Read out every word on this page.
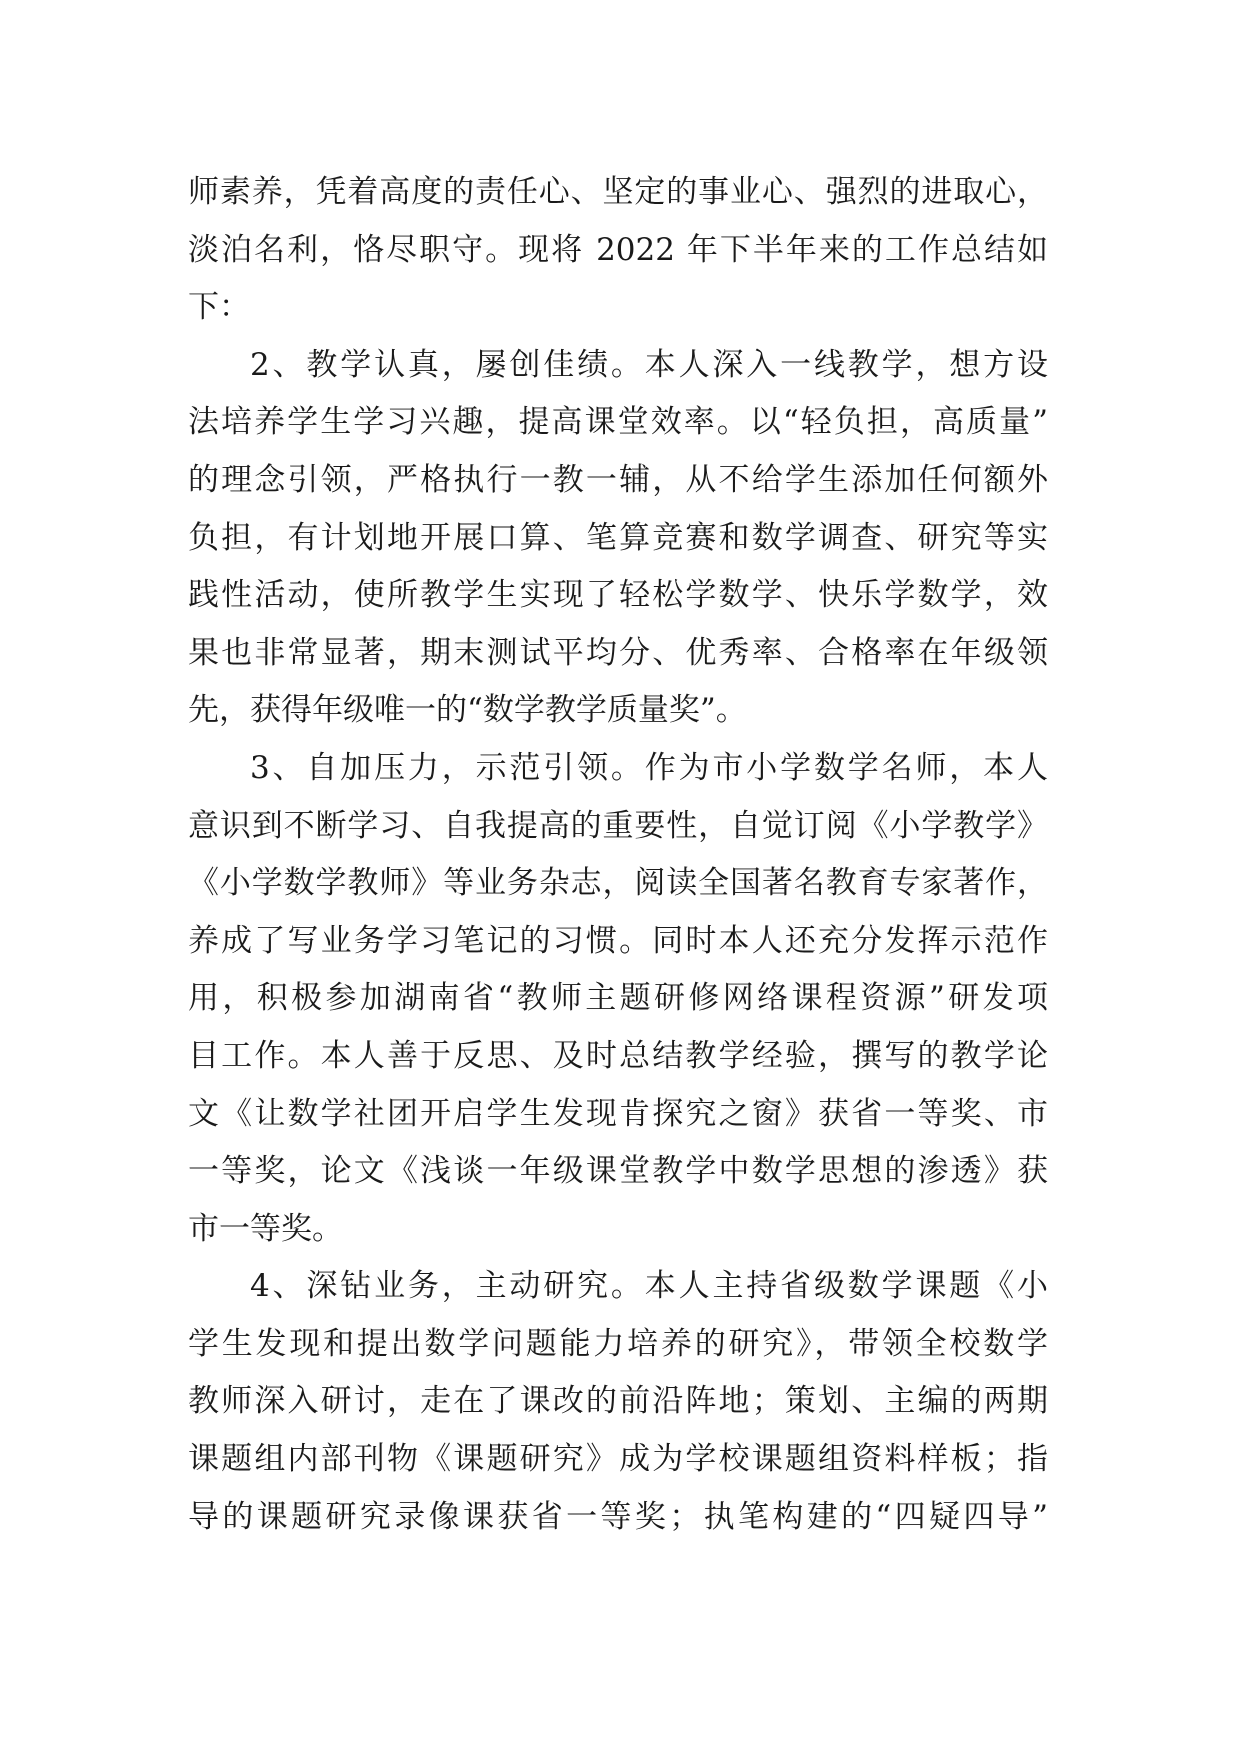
师素养，凭着高度的责任心、坚定的事业心、强烈的进取心，
淡泊名利，恪尽职守。现将 2022 年下半年来的工作总结如
下：
2、教学认真，屡创佳绩。本人深入一线教学，想方设
法培养学生学习兴趣，提高课堂效率。以“轻负担，高质量”
的理念引领，严格执行一教一辅，从不给学生添加任何额外
负担，有计划地开展口算、笔算竞赛和数学调查、研究等实
践性活动，使所教学生实现了轻松学数学、快乐学数学，效
果也非常显著，期末测试平均分、优秀率、合格率在年级领
先，获得年级唯一的“数学教学质量奖”。
3、自加压力，示范引领。作为市小学数学名师，本人
意识到不断学习、自我提高的重要性，自觉订阅《小学教学》
《小学数学教师》等业务杂志，阅读全国著名教育专家著作，
养成了写业务学习笔记的习惯。同时本人还充分发挥示范作
用，积极参加湖南省“教师主题研修网络课程资源”研发项
目工作。本人善于反思、及时总结教学经验，撰写的教学论
文《让数学社团开启学生发现肯探究之窗》获省一等奖、市
一等奖，论文《浅谈一年级课堂教学中数学思想的渗透》获
市一等奖。
4、深钻业务，主动研究。本人主持省级数学课题《小
学生发现和提出数学问题能力培养的研究》，带领全校数学
教师深入研讨，走在了课改的前沿阵地；策划、主编的两期
课题组内部刊物《课题研究》成为学校课题组资料样板；指
导的课题研究录像课获省一等奖；执笔构建的“四疑四导”
